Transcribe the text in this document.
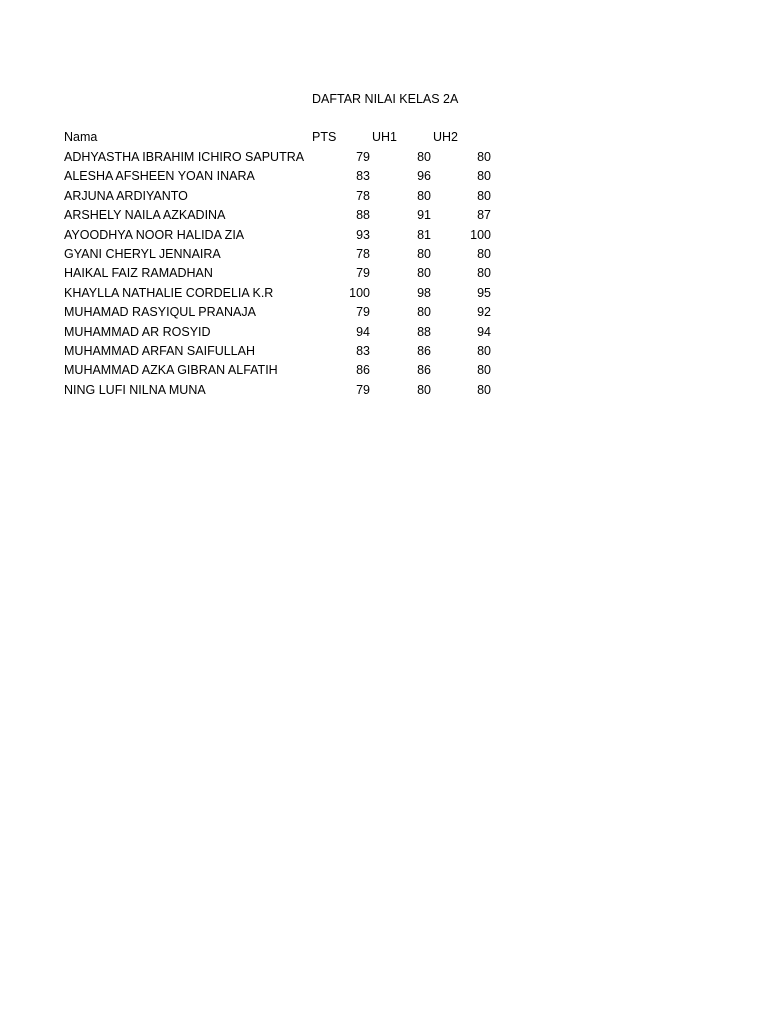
DAFTAR NILAI KELAS 2A
Nama	PTS	UH1	UH2
ADHYASTHA IBRAHIM ICHIRO SAPUTRA	79	80	80
ALESHA AFSHEEN YOAN INARA	83	96	80
ARJUNA ARDIYANTO	78	80	80
ARSHELY NAILA AZKADINA	88	91	87
AYOODHYA NOOR HALIDA ZIA	93	81	100
GYANI CHERYL JENNAIRA	78	80	80
HAIKAL FAIZ RAMADHAN	79	80	80
KHAYLLA NATHALIE CORDELIA K.R	100	98	95
MUHAMAD RASYIQUL PRANAJA	79	80	92
MUHAMMAD AR ROSYID	94	88	94
MUHAMMAD ARFAN SAIFULLAH	83	86	80
MUHAMMAD AZKA GIBRAN ALFATIH	86	86	80
NING LUFI NILNA MUNA	79	80	80
